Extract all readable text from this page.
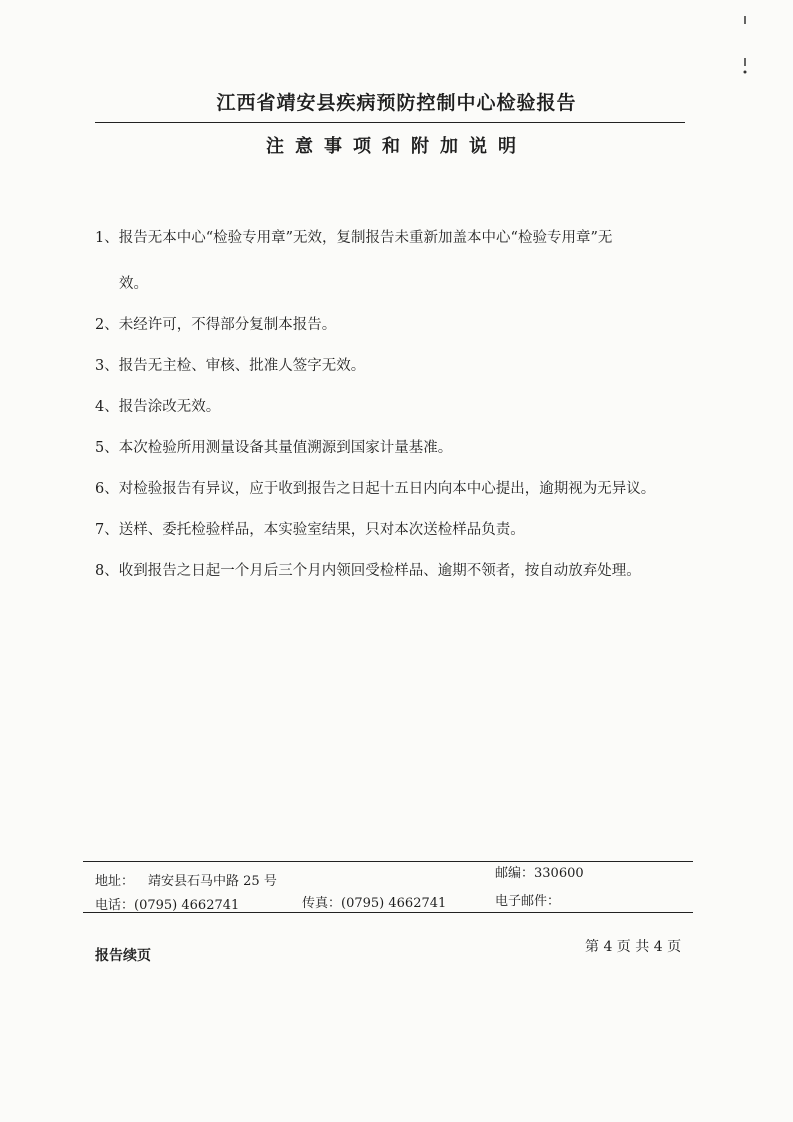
江西省靖安县疾病预防控制中心检验报告
注意事项和附加说明

1、报告无本中心“检验专用章”无效，复制报告未重新加盖本中心“检验专用章”无

效。

2、未经许可，不得部分复制本报告。

3、报告无主检、审核、批准人签字无效。

4、报告涂改无效。

5、本次检验所用测量设备其量值溯源到国家计量基准。

6、对检验报告有异议，应于收到报告之日起十五日内向本中心提出，逾期视为无异议。

7、送样、委托检验样品，本实验室结果，只对本次送检样品负责。

8、收到报告之日起一个月后三个月内领回受检样品、逾期不领者，按自动放弃处理。

邮编：330600
地址： 靖安县石马中路 25 号
电话：(0795) 4662741	传真：(0795) 4662741	电子邮件：
第 4 页 共 4 页
报告续页
